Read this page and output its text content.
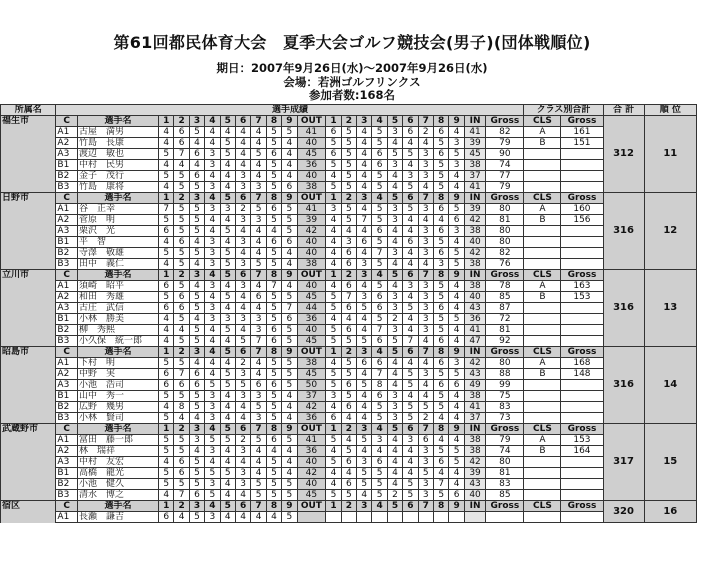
第61回都民体育大会　夏季大会ゴルフ競技会(男子)(団体戦順位)
期日：2007年9月26日(水)～2007年9月26日(水)
会場：若洲ゴルフリンクス
参加者数:168名
所属名	選手成績																							クラス別合計		合 計	順 位
福生市	C	選手名	1	2	3	4	5	6	7	8	9	OUT	1	2	3	4	5	6	7	8	9	IN	Gross	CLS	Gross	312	11
	A1	古屋　満男	4	6	5	4	4	4	4	5	5	41	6	5	4	5	3	6	2	6	4	41	82	A	161		
	A2	竹島　長康	4	6	4	4	5	4	4	5	4	40	5	5	4	5	4	4	4	5	3	39	79	B	151		
	A3	渡辺　敏也	5	7	6	3	5	4	5	6	4	45	6	5	4	6	5	5	3	6	5	45	90				
	B1	中村　民男	4	4	4	3	4	4	4	5	4	36	5	5	4	6	3	4	3	5	3	38	74				
	B2	金子　茂行	5	5	6	4	4	3	4	5	4	40	4	5	4	5	4	3	3	5	4	37	77				
	B3	竹島　康将	4	5	5	3	4	3	3	5	6	38	5	5	4	5	4	5	4	5	4	41	79				
日野市	C	選手名	1	2	3	4	5	6	7	8	9	OUT	1	2	3	4	5	6	7	8	9	IN	Gross	CLS	Gross	316	12
	A1	谷　正幸	7	5	5	3	3	2	5	6	5	41	3	5	4	5	3	5	3	6	5	39	80	A	160		
	A2	菅原　明	5	5	5	4	4	3	3	5	5	39	4	5	7	5	3	4	4	4	6	42	81	B	156		
	A3	栗沢　光	6	5	5	4	5	4	4	4	5	42	4	4	4	6	4	4	3	6	3	38	80				
	B1	平　智	4	6	4	3	4	3	4	6	6	40	4	3	6	5	4	6	3	5	4	40	80				
	B2	寺澤　敬雄	5	5	5	3	5	4	4	5	4	40	4	6	4	7	3	4	3	6	5	42	82				
	B3	田中　義仁	4	5	4	3	5	3	5	5	4	38	4	6	3	5	4	4	4	3	5	38	76				
立川市	C	選手名	1	2	3	4	5	6	7	8	9	OUT	1	2	3	4	5	6	7	8	9	IN	Gross	CLS	Gross	316	13
	A1	須崎　昭平	6	5	4	3	4	3	4	7	4	40	4	6	4	5	4	3	3	5	4	38	78	A	163		
	A2	和田　秀雄	5	6	5	4	5	4	6	5	5	45	5	7	3	6	3	4	3	5	4	40	85	B	153		
	A3	古庄　武信	6	6	5	3	4	4	4	5	7	44	5	6	5	6	3	5	3	6	4	43	87				
	B1	小林　勝美	4	5	4	3	3	3	3	5	6	36	4	4	4	5	2	4	3	5	5	36	72				
	B2	柳　秀熙	4	4	5	4	5	4	3	6	5	40	5	6	4	7	3	4	3	5	4	41	81				
	B3	小久保　統一郎	4	5	5	4	4	5	7	6	5	45	5	5	5	6	5	7	4	6	4	47	92				
昭島市	C	選手名	1	2	3	4	5	6	7	8	9	OUT	1	2	3	4	5	6	7	8	9	IN	Gross	CLS	Gross	316	14
	A1	下村　明	5	5	4	4	4	2	4	5	5	38	4	5	6	6	4	4	4	6	3	42	80	A	168		
	A2	中野　実	6	7	6	4	5	3	4	5	5	45	5	5	4	7	4	5	3	5	5	43	88	B	148		
	A3	小池　浩司	6	6	6	5	5	5	6	6	5	50	5	6	5	8	4	5	4	6	6	49	99				
	B1	山中　秀一	5	5	5	3	4	3	3	5	4	37	3	5	4	6	3	4	4	5	4	38	75				
	B2	広野　幾男	4	8	5	3	4	4	5	5	4	42	4	6	4	5	3	5	5	5	4	41	83				
	B3	小林　賢司	5	4	4	3	4	4	3	5	4	36	6	4	4	5	3	5	2	4	4	37	73				
武蔵野市	C	選手名	1	2	3	4	5	6	7	8	9	OUT	1	2	3	4	5	6	7	8	9	IN	Gross	CLS	Gross	317	15
	A1	富田　藤一郎	5	5	3	5	5	2	5	6	5	41	5	4	5	3	4	3	6	4	4	38	79	A	153		
	A2	林　瑞祥	5	5	4	3	4	3	4	4	4	36	4	5	4	4	4	4	3	5	5	38	74	B	164		
	A3	中村　友宏	4	6	5	4	4	4	4	5	4	40	5	6	3	6	4	4	3	6	5	42	80				
	B1	高橋　龍光	5	6	5	5	5	3	4	5	4	42	4	4	5	5	4	4	5	4	4	39	81				
	B2	小池　健久	5	5	5	3	4	3	5	5	5	40	4	6	5	5	4	5	3	7	4	43	83				
	B3	清水　博之	4	7	6	5	4	4	5	5	5	45	5	5	4	5	2	5	3	5	6	40	85				
宿区	C	選手名	1	2	3	4	5	6	7	8	9	OUT	1	2	3	4	5	6	7	8	9	IN	Gross	CLS	Gross	320	16
	A1	長瀬　謙吉	6	4	5	3	4	4	4	4	5																
